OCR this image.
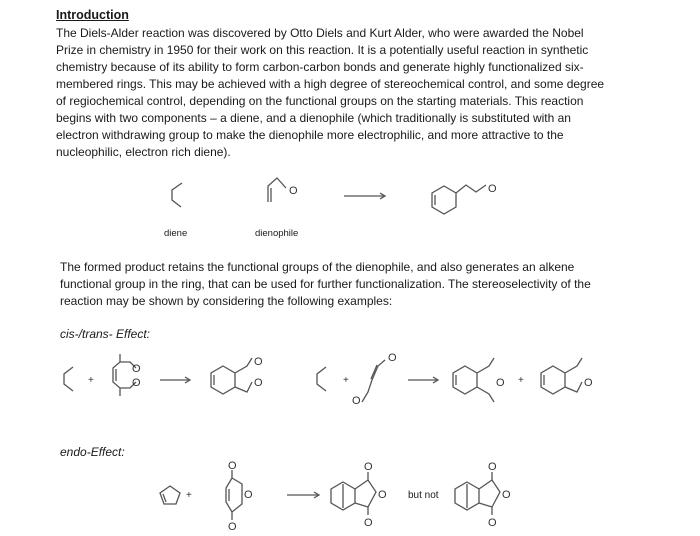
Introduction
The Diels-Alder reaction was discovered by Otto Diels and Kurt Alder, who were awarded the Nobel Prize in chemistry in 1950 for their work on this reaction. It is a potentially useful reaction in synthetic chemistry because of its ability to form carbon-carbon bonds and generate highly functionalized six-membered rings. This may be achieved with a high degree of stereochemical control, and some degree of regiochemical control, depending on the functional groups on the starting materials. This reaction begins with two components – a diene, and a dienophile (which traditionally is substituted with an electron withdrawing group to make the dienophile more electrophilic, and more attractive to the nucleophilic, electron rich diene).
diene	dienophile
The formed product retains the functional groups of the dienophile, and also generates an alkene functional group in the ring, that can be used for further functionalization. The stereoselectivity of the reaction may be shown by considering the following examples:
cis-/trans- Effect:
endo-Effect:
but not
O	O
+
O
O
O
O	+
O
O
O +	O
+
O
O
O
O
O
O
O
O
O
